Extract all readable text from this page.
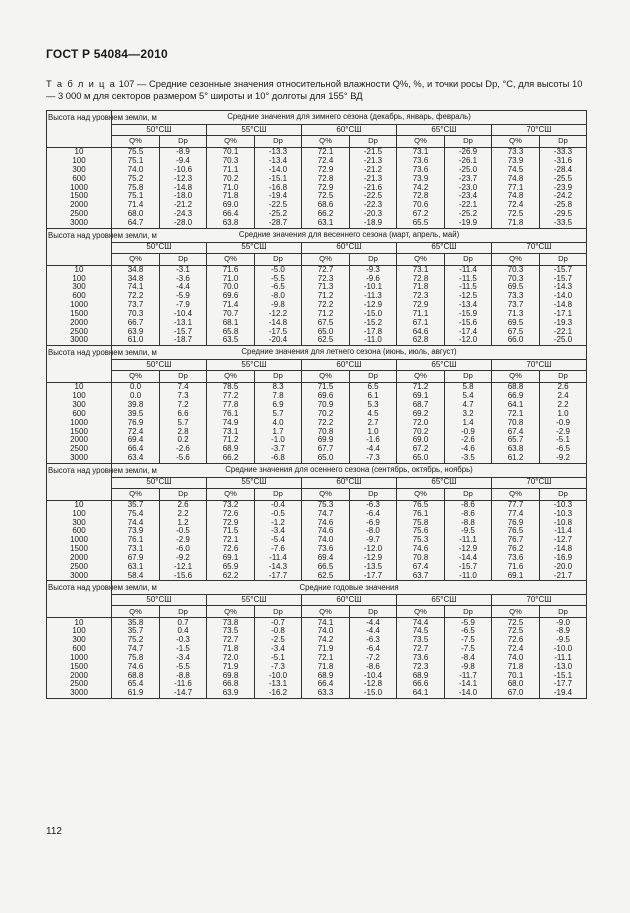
ГОСТ Р 54084—2010
Т а б л и ц а 107 — Средние сезонные значения относительной влажности Q%, %, и точки росы Dp, °C, для высоты 10 — 3 000 м для секторов размером 5° широты и 10° долготы для 155° ВД
Высота над уровнем земли, м	Средние значения для зимнего сезона (декабрь, январь, февраль)									
	50°СШ		55°СШ		60°СШ		65°СШ		70°СШ	
	Q%	Dp	Q%	Dp	Q%	Dp	Q%	Dp	Q%	Dp
10	75.5	-8.9	70.1	-13.3	72.1	-21.5	73.1	-26.9	73.3	-33.3
100	75.1	-9.4	70.3	-13.4	72.4	-21.3	73.6	-26.1	73.9	-31.6
300	74.0	-10.6	71.1	-14.0	72.9	-21.2	73.6	-25.0	74.5	-28.4
600	75.2	-12.3	70.2	-15.1	72.8	-21.3	73.9	-23.7	74.8	-25.5
1000	75.8	-14.8	71.0	-16.8	72.9	-21.6	74.2	-23.0	77.1	-23.9
1500	75.1	-18.0	71.8	-19.4	72.5	-22.5	72.8	-23.4	74.8	-24.2
2000	71.4	-21.2	69.0	-22.5	68.6	-22.3	70.6	-22.1	72.4	-25.8
2500	68.0	-24.3	66.4	-25.2	66.2	-20.3	67.2	-25.2	72.5	-29.5
3000	64.7	-28.0	63.8	-28.7	63.1	-18.9	65.5	-19.9	71.8	-33.5
Высота над уровнем земли, м	Средние значения для весеннего сезона (март, апрель, май)									
	50°СШ		55°СШ		60°СШ		65°СШ		70°СШ	
	Q%	Dp	Q%	Dp	Q%	Dp	Q%	Dp	Q%	Dp
10	34.8	-3.1	71.6	-5.0	72.7	-9.3	73.1	-11.4	70.3	-15.7
100	34.8	-3.6	71.0	-5.5	72.3	-9.6	72.8	-11.5	70.3	-15.7
300	74.1	-4.4	70.0	-6.5	71.3	-10.1	71.8	-11.5	69.5	-14.3
600	72.2	-5.9	69.6	-8.0	71.2	-11.3	72.3	-12.5	73.3	-14.0
1000	73.7	-7.9	71.4	-9.8	72.2	-12.9	72.9	-13.4	73.7	-14.8
1500	70.3	-10.4	70.7	-12.2	71.2	-15.0	71.1	-15.9	71.3	-17.1
2000	66.7	-13.1	68.1	-14.8	67.5	-15.2	67.1	-15.6	69.5	-19.3
2500	63.9	-15.7	65.8	-17.5	65.0	-17.8	64.6	-17.4	67.5	-22.1
3000	61.0	-18.7	63.5	-20.4	62.5	-11.0	62.8	-12.0	66.0	-25.0
Высота над уровнем земли, м	Средние значения для летнего сезона (июнь, июль, август)									
	50°СШ		55°СШ		60°СШ		65°СШ		70°СШ	
	Q%	Dp	Q%	Dp	Q%	Dp	Q%	Dp	Q%	Dp
10	0.0	7.4	78.5	8.3	71.5	6.5	71.2	5.8	68.8	2.6
100	0.0	7.3	77.2	7.8	69.6	6.1	69.1	5.4	66.9	2.4
300	39.8	7.2	77.8	6.9	70.9	5.3	68.7	4.7	64.1	2.2
600	39.5	6.6	76.1	5.7	70.2	4.5	69.2	3.2	72.1	1.0
1000	76.9	5.7	74.9	4.0	72.2	2.7	72.0	1.4	70.8	-0.9
1500	72.4	2.8	73.1	1.7	70.8	1.0	70.2	-0.9	67.4	-2.9
2000	69.4	0.2	71.2	-1.0	69.9	-1.6	69.0	-2.6	65.7	-5.1
2500	66.4	-2.6	68.9	-3.7	67.7	-4.4	67.2	-4.6	63.8	-6.5
3000	63.4	-5.6	66.2	-6.8	65.0	-7.3	65.0	-3.5	61.2	-9.2
Высота над уровнем земли, м	Средние значения для осеннего сезона (сентябрь, октябрь, ноябрь)									
	50°СШ		55°СШ		60°СШ		65°СШ		70°СШ	
	Q%	Dp	Q%	Dp	Q%	Dp	Q%	Dp	Q%	Dp
10	35.7	2.6	73.2	-0.4	75.3	-6.3	76.5	-8.6	77.7	-10.3
100	75.4	2.2	72.6	-0.5	74.7	-6.4	76.1	-8.6	77.4	-10.3
300	74.4	1.2	72.9	-1.2	74.6	-6.9	75.8	-8.8	76.9	-10.8
600	73.9	-0.5	71.5	-3.4	74.6	-8.0	75.6	-9.5	76.5	-11.4
1000	76.1	-2.9	72.1	-5.4	74.0	-9.7	75.3	-11.1	76.7	-12.7
1500	73.1	-6.0	72.6	-7.6	73.6	-12.0	74.6	-12.9	76.2	-14.8
2000	67.9	-9.2	69.1	-11.4	69.4	-12.9	70.8	-14.4	73.6	-16.9
2500	63.1	-12.1	65.9	-14.3	66.5	-13.5	67.4	-15.7	71.6	-20.0
3000	58.4	-15.6	62.2	-17.7	62.5	-17.7	63.7	-11.0	69.1	-21.7
Высота над уровнем земли, м	Средние годовые значения									
	50°СШ		55°СШ		60°СШ		65°СШ		70°СШ	
	Q%	Dp	Q%	Dp	Q%	Dp	Q%	Dp	Q%	Dp
10	35.8	0.7	73.8	-0.7	74.1	-4.4	74.4	-5.9	72.5	-9.0
100	35.7	0.4	73.5	-0.8	74.0	-4.4	74.5	-6.5	72.5	-8.9
300	75.2	-0.3	72.7	-2.5	74.2	-6.3	73.5	-7.5	72.6	-9.5
600	74.7	-1.5	71.8	-3.4	71.9	-6.4	72.7	-7.5	72.4	-10.0
1000	75.8	-3.4	72.0	-5.1	72.1	-7.2	73.6	-8.4	74.0	-11.1
1500	74.6	-5.5	71.9	-7.3	71.8	-8.6	72.3	-9.8	71.8	-13.0
2000	68.8	-8.8	69.8	-10.0	68.9	-10.4	68.9	-11.7	70.1	-15.1
2500	65.4	-11.6	66.8	-13.1	66.4	-12.8	66.6	-14.1	68.0	-17.7
3000	61.9	-14.7	63.9	-16.2	63.3	-15.0	64.1	-14.0	67.0	-19.4
112
